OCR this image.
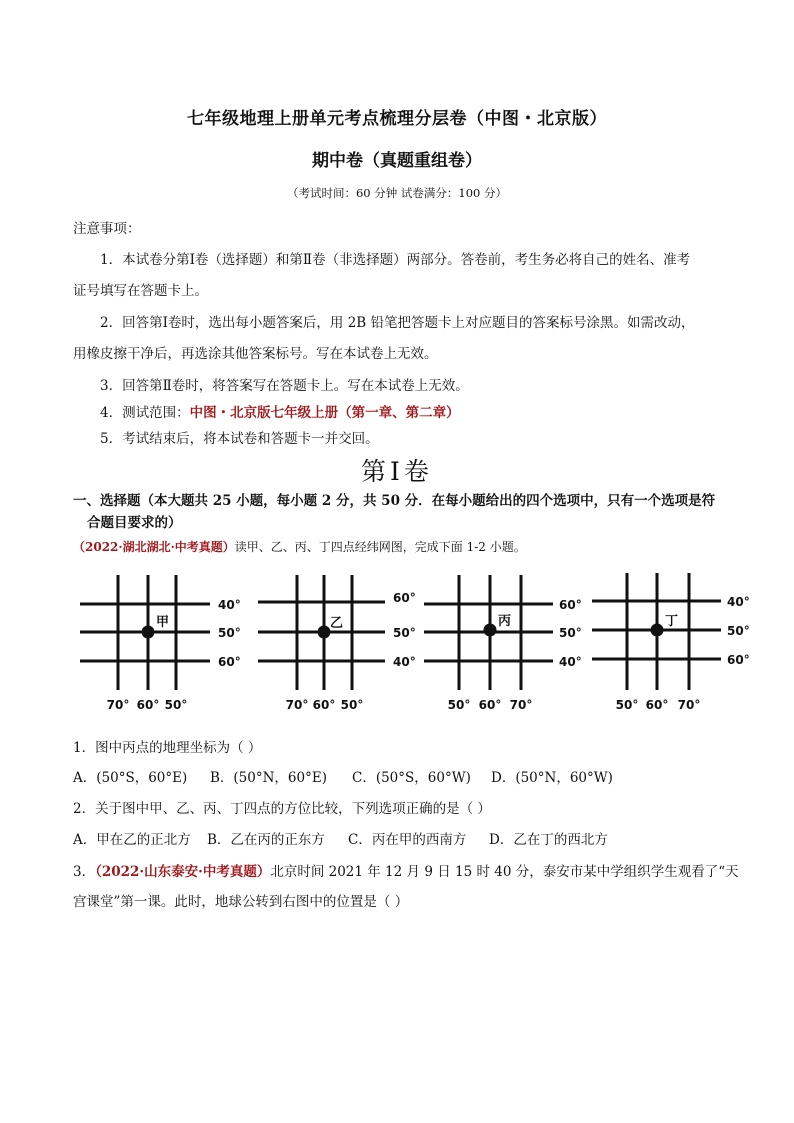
七年级地理上册单元考点梳理分层卷（中图・北京版）
期中卷（真题重组卷）
（考试时间：60 分钟 试卷满分：100 分）
注意事项：
1．本试卷分第Ⅰ卷（选择题）和第Ⅱ卷（非选择题）两部分。答卷前，考生务必将自己的姓名、准考
证号填写在答题卡上。
2．回答第Ⅰ卷时，选出每小题答案后，用 2B 铅笔把答题卡上对应题目的答案标号涂黑。如需改动，
用橡皮擦干净后，再选涂其他答案标号。写在本试卷上无效。
3．回答第Ⅱ卷时，将答案写在答题卡上。写在本试卷上无效。
4．测试范围：中图・北京版七年级上册（第一章、第二章）
5．考试结束后，将本试卷和答题卡一并交回。
第Ⅰ卷
一、选择题（本大题共 25 小题，每小题 2 分，共 50 分．在每小题给出的四个选项中，只有一个选项是符
合题目要求的）
（2022·湖北湖北·中考真题）读甲、乙、丙、丁四点经纬网图，完成下面 1-2 小题。
甲
40°
50°
60°
70° 60° 50°
乙
60°
50°
40°
70° 60° 50°
丙
60°
50°
40°
50° 60° 70°
丁
40°
50°
60°
50° 60° 70°
1．图中丙点的地理坐标为（ ）
A．(50°S，60°E) B．(50°N，60°E) C．(50°S，60°W) D．(50°N，60°W)
2．关于图中甲、乙、丙、丁四点的方位比较，下列选项正确的是（ ）
A．甲在乙的正北方 B．乙在丙的正东方 C．丙在甲的西南方 D．乙在丁的西北方
3．（2022·山东泰安·中考真题）北京时间 2021 年 12 月 9 日 15 时 40 分，泰安市某中学组织学生观看了“天
宫课堂”第一课。此时，地球公转到右图中的位置是（ ）
